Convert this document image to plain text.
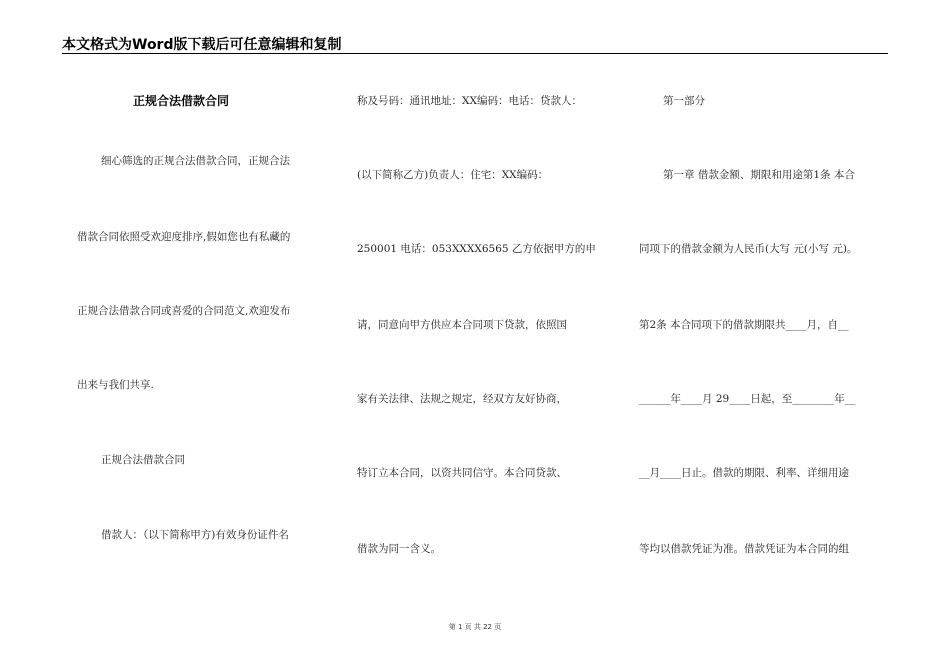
本文格式为Word版下载后可任意编辑和复制
正规合法借款合同
细心筛选的正规合法借款合同，正规合法
借款合同依照受欢迎度排序,假如您也有私藏的
正规合法借款合同或喜爱的合同范文,欢迎发布
出来与我们共享.
正规合法借款合同
借款人：（以下简称甲方)有效身份证件名
称及号码：通讯地址：XX编码：电话：贷款人：
(以下简称乙方)负责人：住宅：XX编码：
250001 电话：053XXXX6565 乙方依据甲方的申
请，同意向甲方供应本合同项下贷款，依照国
家有关法律、法规之规定，经双方友好协商，
特订立本合同，以资共同信守。本合同贷款、
借款为同一含义。
第一部分
第一章 借款金额、期限和用途第1条 本合
同项下的借款金额为人民币(大写 元(小写 元)。
第2条 本合同项下的借款期限共____月，自__
______年____月 29____日起，至________年__
__月____日止。借款的期限、利率、详细用途
等均以借款凭证为准。借款凭证为本合同的组
第 1 页 共 22 页
